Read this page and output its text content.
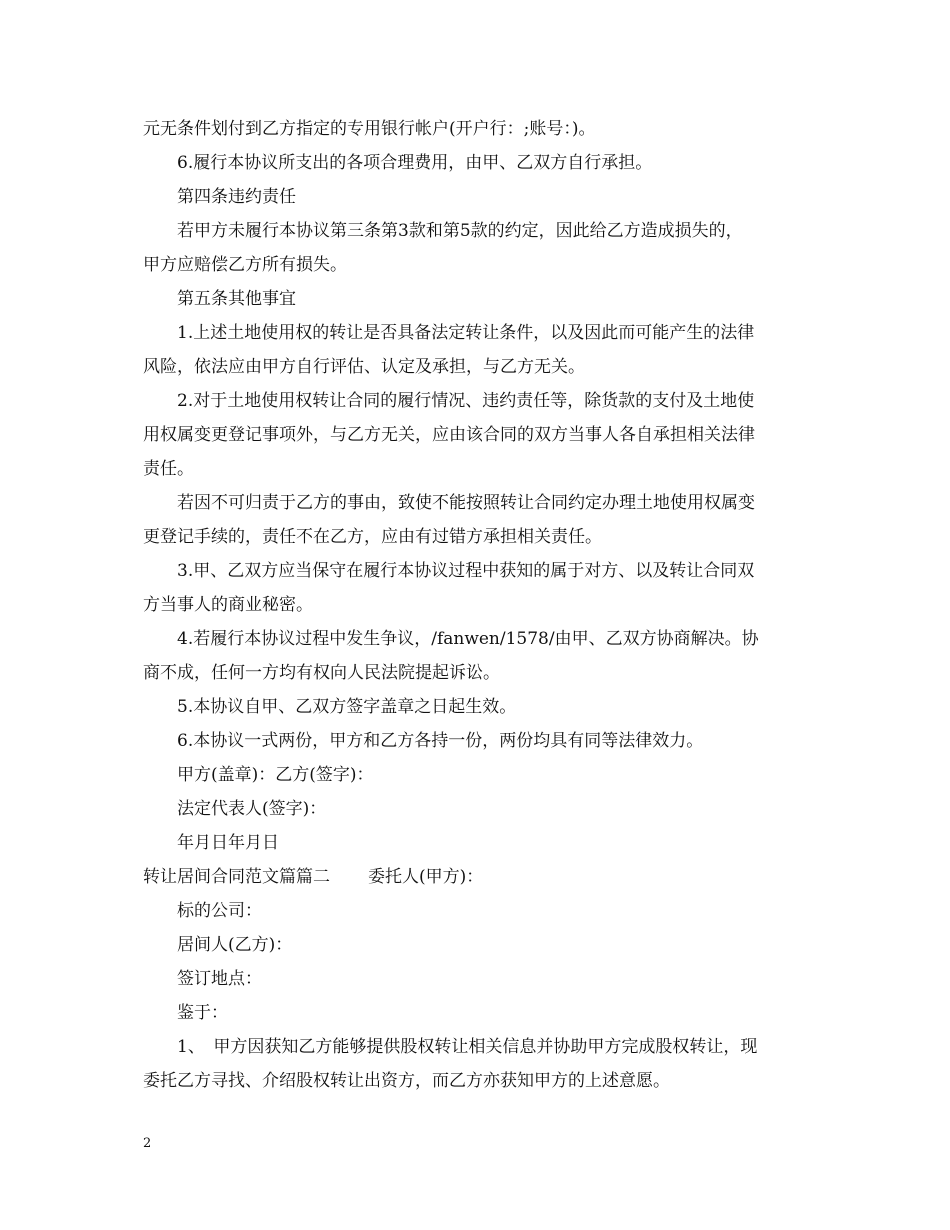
元无条件划付到乙方指定的专用银行帐户(开户行：;账号：)。

6.履行本协议所支出的各项合理费用，由甲、乙双方自行承担。

第四条违约责任

若甲方未履行本协议第三条第3款和第5款的约定，因此给乙方造成损失的，

甲方应赔偿乙方所有损失。

第五条其他事宜

1.上述土地使用权的转让是否具备法定转让条件，以及因此而可能产生的法律

风险，依法应由甲方自行评估、认定及承担，与乙方无关。

2.对于土地使用权转让合同的履行情况、违约责任等，除货款的支付及土地使

用权属变更登记事项外，与乙方无关，应由该合同的双方当事人各自承担相关法律

责任。

若因不可归责于乙方的事由，致使不能按照转让合同约定办理土地使用权属变

更登记手续的，责任不在乙方，应由有过错方承担相关责任。

3.甲、乙双方应当保守在履行本协议过程中获知的属于对方、以及转让合同双

方当事人的商业秘密。

4.若履行本协议过程中发生争议，/fanwen/1578/由甲、乙双方协商解决。协

商不成，任何一方均有权向人民法院提起诉讼。

5.本协议自甲、乙双方签字盖章之日起生效。

6.本协议一式两份，甲方和乙方各持一份，两份均具有同等法律效力。

甲方(盖章)：乙方(签字)：

法定代表人(签字)：

年月日年月日

转让居间合同范文篇篇二 委托人(甲方)：

标的公司：

居间人(乙方)：

签订地点：

鉴于：

1、　甲方因获知乙方能够提供股权转让相关信息并协助甲方完成股权转让，现

委托乙方寻找、介绍股权转让出资方，而乙方亦获知甲方的上述意愿。

2
